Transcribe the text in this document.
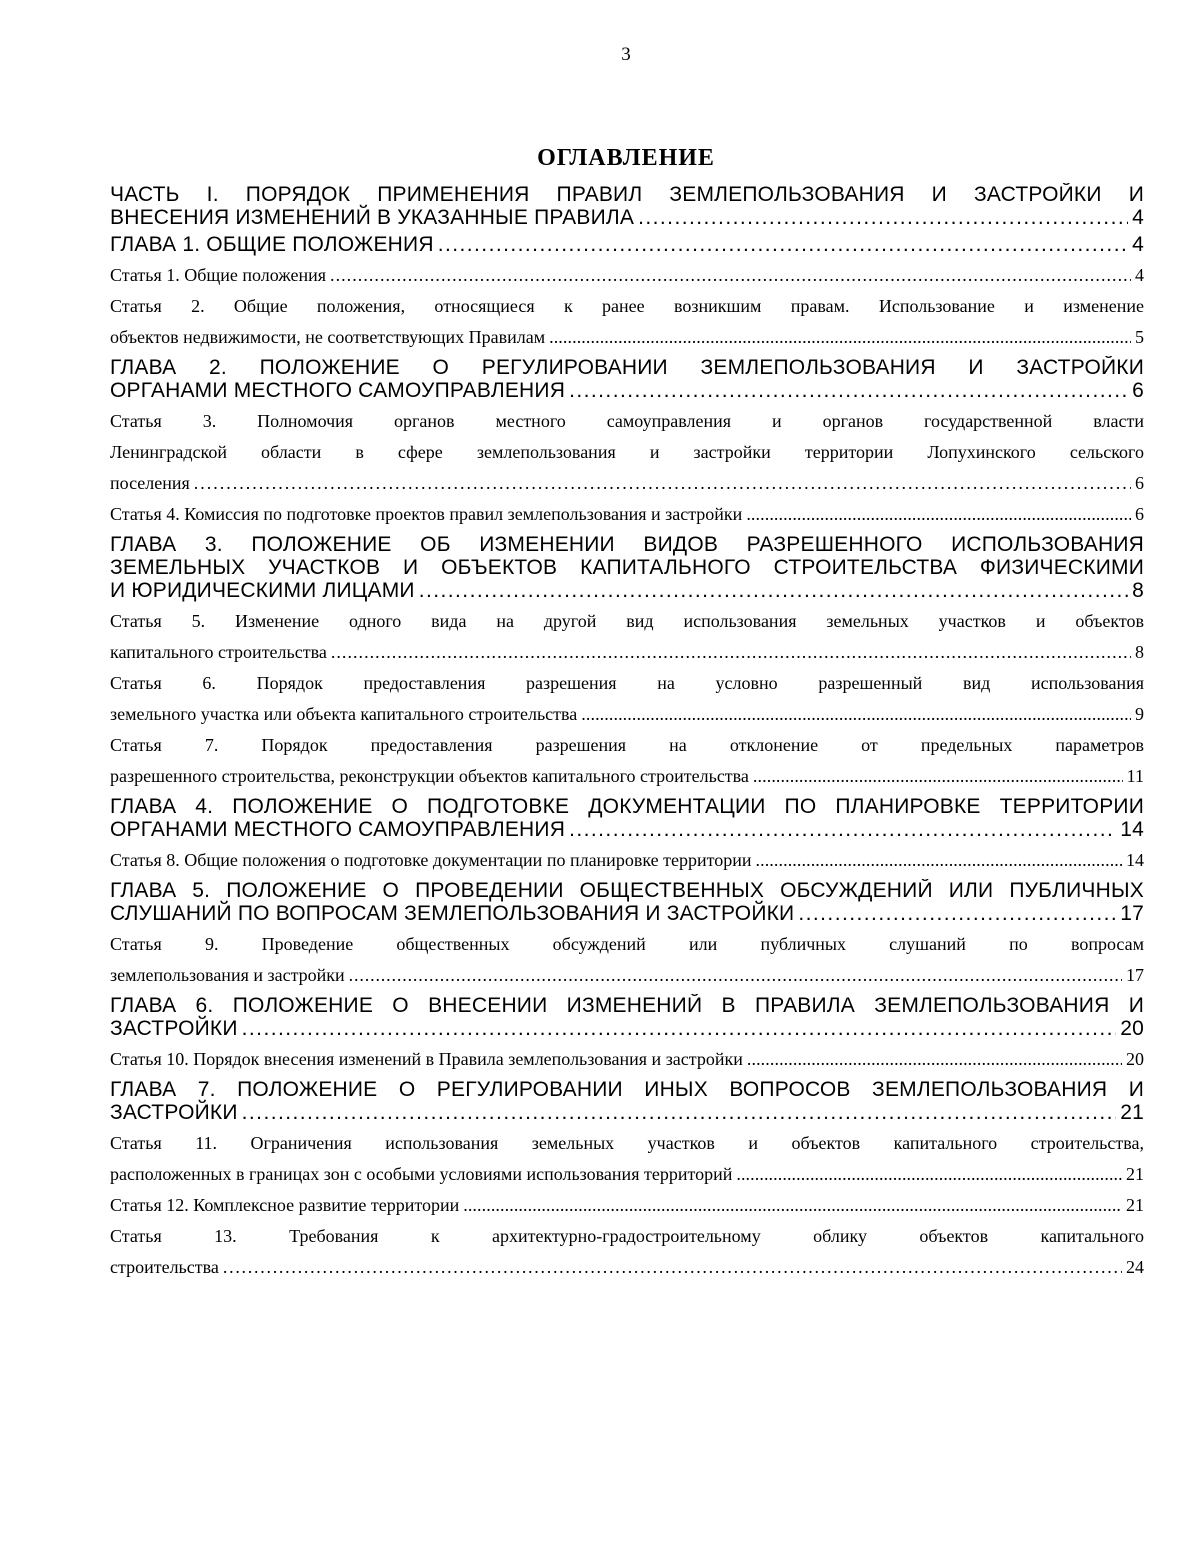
3
ОГЛАВЛЕНИЕ
ЧАСТЬ I. ПОРЯДОК ПРИМЕНЕНИЯ ПРАВИЛ ЗЕМЛЕПОЛЬЗОВАНИЯ И ЗАСТРОЙКИ И
ВНЕСЕНИЯ ИЗМЕНЕНИЙ В УКАЗАННЫЕ ПРАВИЛА . . .	4
ГЛАВА 1. ОБЩИЕ ПОЛОЖЕНИЯ . . .	4
Статья 1. Общие положения . . .	4
Статья 2. Общие положения, относящиеся к ранее возникшим правам. Использование и изменение
объектов недвижимости, не соответствующих Правилам . . .	5
ГЛАВА 2. ПОЛОЖЕНИЕ О РЕГУЛИРОВАНИИ ЗЕМЛЕПОЛЬЗОВАНИЯ И ЗАСТРОЙКИ
ОРГАНАМИ МЕСТНОГО САМОУПРАВЛЕНИЯ . . .	6
Статья 3. Полномочия органов местного самоуправления и органов государственной власти
Ленинградской области в сфере землепользования и застройки территории Лопухинского сельского
поселения . . .	6
Статья 4. Комиссия по подготовке проектов правил землепользования и застройки . . .	6
ГЛАВА 3. ПОЛОЖЕНИЕ ОБ ИЗМЕНЕНИИ ВИДОВ РАЗРЕШЕННОГО ИСПОЛЬЗОВАНИЯ
ЗЕМЕЛЬНЫХ УЧАСТКОВ И ОБЪЕКТОВ КАПИТАЛЬНОГО СТРОИТЕЛЬСТВА ФИЗИЧЕСКИМИ
И ЮРИДИЧЕСКИМИ ЛИЦАМИ . . .	8
Статья 5. Изменение одного вида на другой вид использования земельных участков и объектов
капитального строительства . . .	8
Статья 6. Порядок предоставления разрешения на условно разрешенный вид использования
земельного участка или объекта капитального строительства . . .	9
Статья 7. Порядок предоставления разрешения на отклонение от предельных параметров
разрешенного строительства, реконструкции объектов капитального строительства . . .	11
ГЛАВА 4. ПОЛОЖЕНИЕ О ПОДГОТОВКЕ ДОКУМЕНТАЦИИ ПО ПЛАНИРОВКЕ ТЕРРИТОРИИ
ОРГАНАМИ МЕСТНОГО САМОУПРАВЛЕНИЯ . . .	14
Статья 8. Общие положения о подготовке документации по планировке территории . . .	14
ГЛАВА 5. ПОЛОЖЕНИЕ О ПРОВЕДЕНИИ ОБЩЕСТВЕННЫХ ОБСУЖДЕНИЙ ИЛИ ПУБЛИЧНЫХ
СЛУШАНИЙ ПО ВОПРОСАМ ЗЕМЛЕПОЛЬЗОВАНИЯ И ЗАСТРОЙКИ . . .	17
Статья 9. Проведение общественных обсуждений или публичных слушаний по вопросам
землепользования и застройки . . .	17
ГЛАВА 6. ПОЛОЖЕНИЕ О ВНЕСЕНИИ ИЗМЕНЕНИЙ В ПРАВИЛА ЗЕМЛЕПОЛЬЗОВАНИЯ И
ЗАСТРОЙКИ . . .	20
Статья 10. Порядок внесения изменений в Правила землепользования и застройки . . .	20
ГЛАВА 7. ПОЛОЖЕНИЕ О РЕГУЛИРОВАНИИ ИНЫХ ВОПРОСОВ ЗЕМЛЕПОЛЬЗОВАНИЯ И
ЗАСТРОЙКИ . . .	21
Статья 11. Ограничения использования земельных участков и объектов капитального строительства,
расположенных в границах зон с особыми условиями использования территорий . . .	21
Статья 12. Комплексное развитие территории . . .	21
Статья 13. Требования к архитектурно-градостроительному облику объектов капитального
строительства . . .	24
